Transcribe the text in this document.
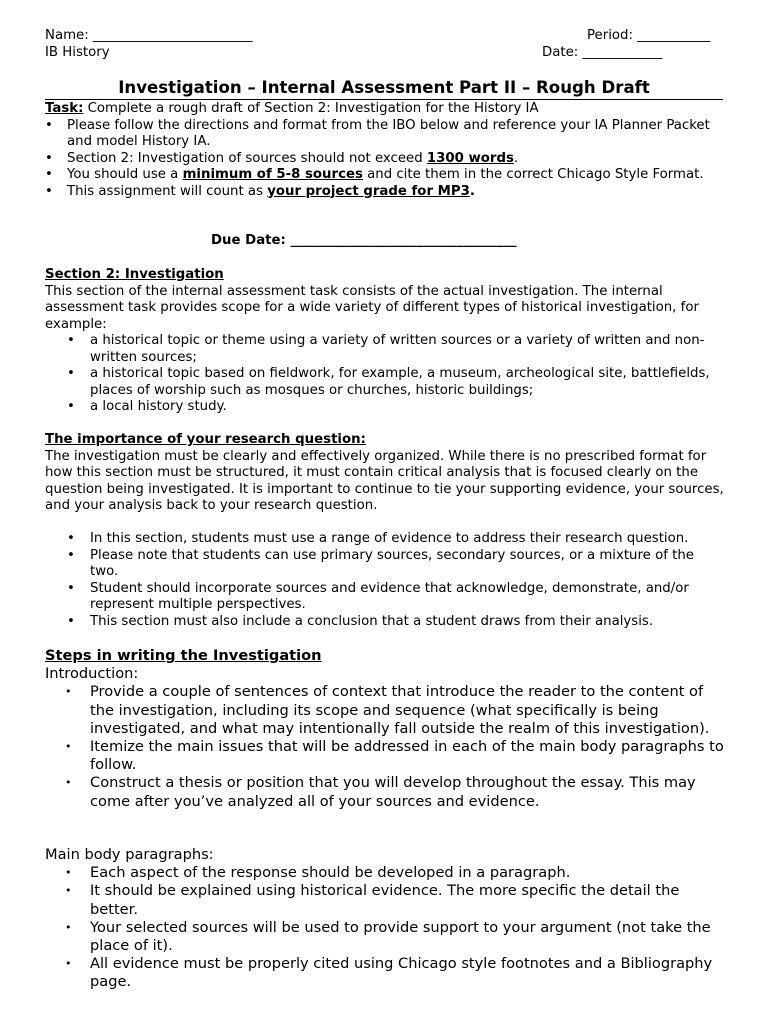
Name: ________________________	Period: ___________
IB History	Date: ____________
Investigation – Internal Assessment Part II – Rough Draft

Task: Complete a rough draft of Section 2: Investigation for the History IA

• Please follow the directions and format from the IBO below and reference your IA Planner Packet and model History IA.
• Section 2: Investigation of sources should not exceed 1300 words.
• You should use a minimum of 5-8 sources and cite them in the correct Chicago Style Format.
• This assignment will count as your project grade for MP3.
Due Date: __________________________________

Section 2: Investigation

This section of the internal assessment task consists of the actual investigation. The internal assessment task provides scope for a wide variety of different types of historical investigation, for example:

• a historical topic or theme using a variety of written sources or a variety of written and non-written sources;
• a historical topic based on fieldwork, for example, a museum, archeological site, battlefields, places of worship such as mosques or churches, historic buildings;
• a local history study.

The importance of your research question:

The investigation must be clearly and effectively organized. While there is no prescribed format for how this section must be structured, it must contain critical analysis that is focused clearly on the question being investigated. It is important to continue to tie your supporting evidence, your sources, and your analysis back to your research question.

• In this section, students must use a range of evidence to address their research question.
• Please note that students can use primary sources, secondary sources, or a mixture of the two.
• Student should incorporate sources and evidence that acknowledge, demonstrate, and/or represent multiple perspectives.
• This section must also include a conclusion that a student draws from their analysis.

Steps in writing the Investigation

Introduction:

• Provide a couple of sentences of context that introduce the reader to the content of the investigation, including its scope and sequence (what specifically is being investigated, and what may intentionally fall outside the realm of this investigation).
• Itemize the main issues that will be addressed in each of the main body paragraphs to follow.
• Construct a thesis or position that you will develop throughout the essay. This may come after you’ve analyzed all of your sources and evidence.

Main body paragraphs:

• Each aspect of the response should be developed in a paragraph.
• It should be explained using historical evidence. The more specific the detail the better.
• Your selected sources will be used to provide support to your argument (not take the place of it).
• All evidence must be properly cited using Chicago style footnotes and a Bibliography page.
